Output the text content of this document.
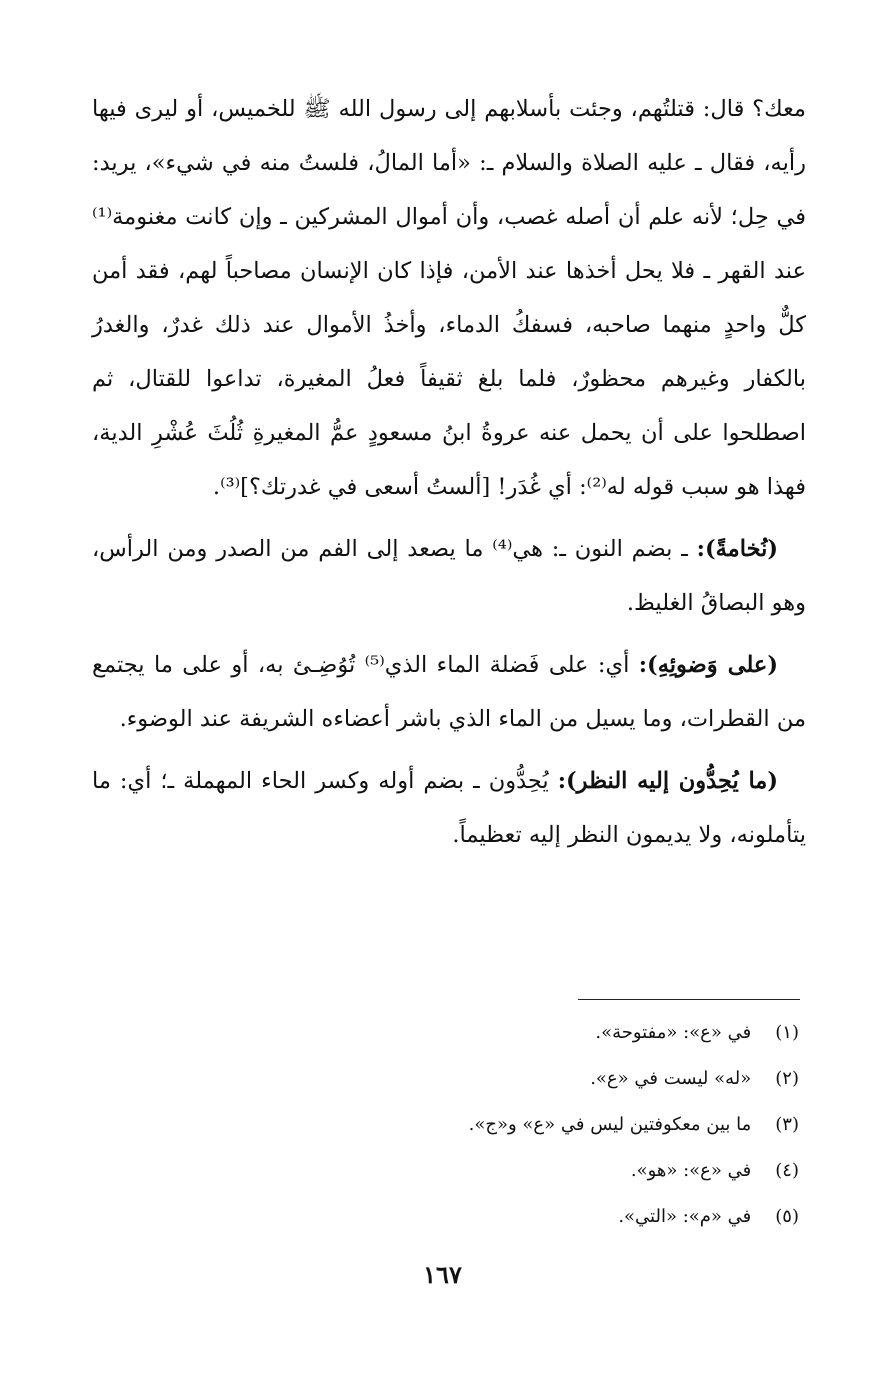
معك؟ قال: قتلتُهم، وجئت بأسلابهم إلى رسول الله ﷺ للخميس، أو ليرى فيها رأيه، فقال ـ عليه الصلاة والسلام ـ: «أما المالُ، فلستُ منه في شيء»، يريد: في حِل؛ لأنه علم أن أصله غصب، وأن أموال المشركين ـ وإن كانت مغنومة⁽¹⁾ عند القهر ـ فلا يحل أخذها عند الأمن، فإذا كان الإنسان مصاحباً لهم، فقد أمن كلٌّ واحدٍ منهما صاحبه، فسفكُ الدماء، وأخذُ الأموال عند ذلك غدرٌ، والغدرُ بالكفار وغيرهم محظورٌ، فلما بلغ ثقيفاً فعلُ المغيرة، تداعوا للقتال، ثم اصطلحوا على أن يحمل عنه عروةُ ابنُ مسعودٍ عمُّ المغيرةِ ثُلُثَ عُشْرِ الدية، فهذا هو سبب قوله له⁽²⁾: أي غُدَر! [ألستُ أسعى في غدرتك؟]⁽³⁾.

(نُخامةً): ـ بضم النون ـ: هي⁽⁴⁾ ما يصعد إلى الفم من الصدر ومن الرأس، وهو البصاقُ الغليظ.

(على وَضوئِهِ): أي: على فَضلة الماء الذي⁽⁵⁾ تُوُضِـئ به، أو على ما يجتمع من القطرات، وما يسيل من الماء الذي باشر أعضاءه الشريفة عند الوضوء.

(ما يُحِدُّون إليه النظر): يُحِدُّون ـ بضم أوله وكسر الحاء المهملة ـ؛ أي: ما يتأملونه، ولا يديمون النظر إليه تعظيماً.

(١) في «ع»: «مفتوحة».
(٢) «له» ليست في «ع».
(٣) ما بين معكوفتين ليس في «ع» و«ج».
(٤) في «ع»: «هو».
(٥) في «م»: «التي».
١٦٧
